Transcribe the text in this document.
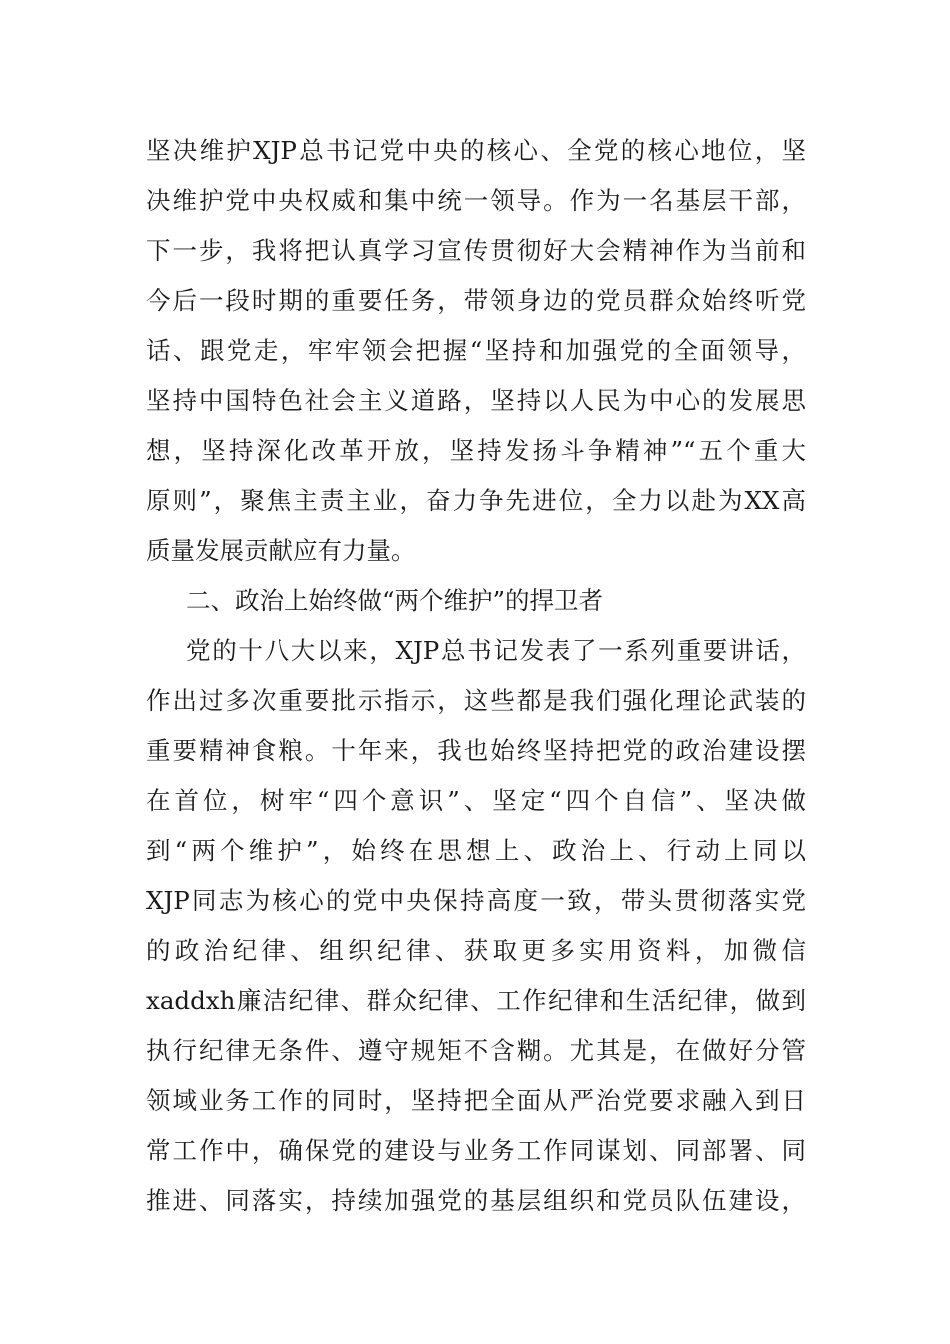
坚决维护XJP总书记党中央的核心、全党的核心地位，坚
决维护党中央权威和集中统一领导。作为一名基层干部，
下一步，我将把认真学习宣传贯彻好大会精神作为当前和
今后一段时期的重要任务，带领身边的党员群众始终听党
话、跟党走，牢牢领会把握“坚持和加强党的全面领导，
坚持中国特色社会主义道路，坚持以人民为中心的发展思
想，坚持深化改革开放，坚持发扬斗争精神”“五个重大
原则”，聚焦主责主业，奋力争先进位，全力以赴为XX高
质量发展贡献应有力量。
二、政治上始终做“两个维护”的捍卫者
党的十八大以来，XJP总书记发表了一系列重要讲话，
作出过多次重要批示指示，这些都是我们强化理论武装的
重要精神食粮。十年来，我也始终坚持把党的政治建设摆
在首位，树牢“四个意识”、坚定“四个自信”、坚决做
到“两个维护”，始终在思想上、政治上、行动上同以
XJP同志为核心的党中央保持高度一致，带头贯彻落实党
的政治纪律、组织纪律、获取更多实用资料，加微信
xaddxh廉洁纪律、群众纪律、工作纪律和生活纪律，做到
执行纪律无条件、遵守规矩不含糊。尤其是，在做好分管
领域业务工作的同时，坚持把全面从严治党要求融入到日
常工作中，确保党的建设与业务工作同谋划、同部署、同
推进、同落实，持续加强党的基层组织和党员队伍建设，
